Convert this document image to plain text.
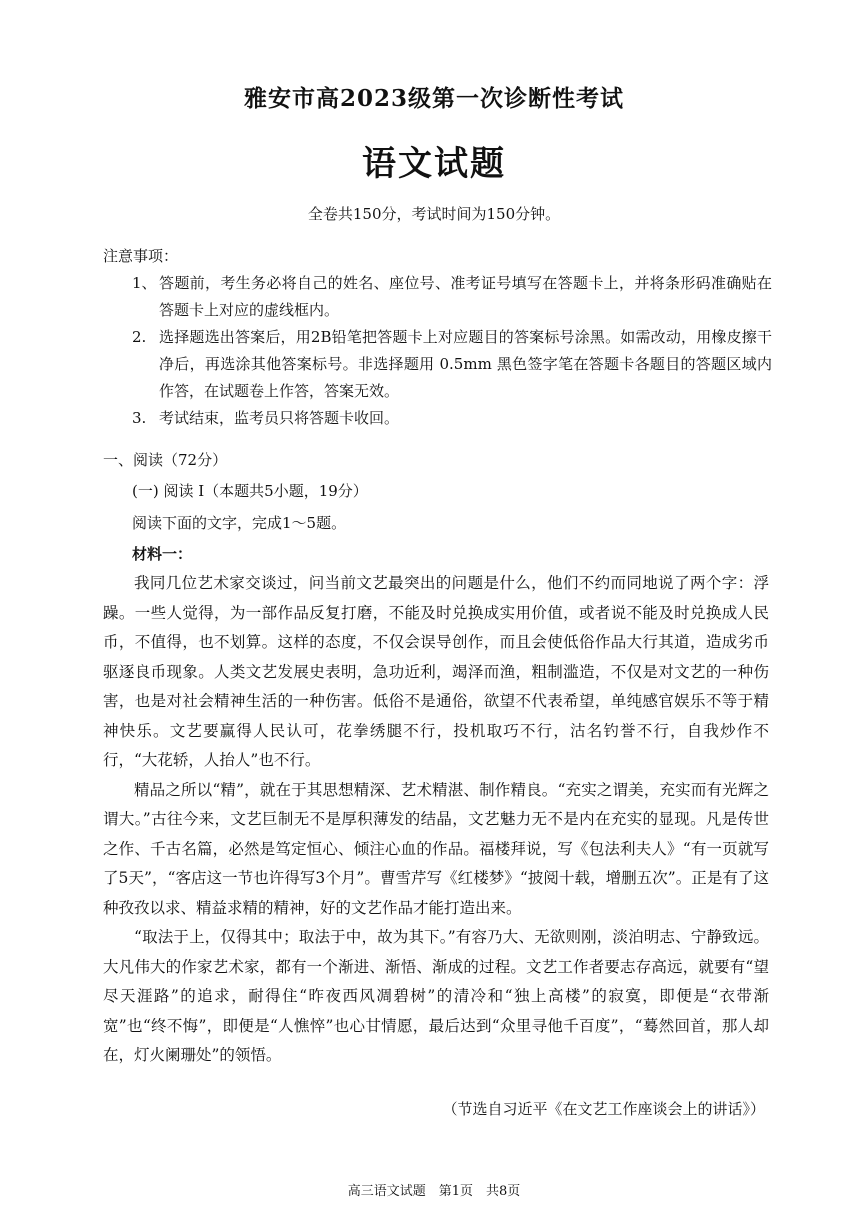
雅安市高2023级第一次诊断性考试
语文试题
全卷共150分，考试时间为150分钟。
注意事项：
1、 答题前，考生务必将自己的姓名、座位号、准考证号填写在答题卡上，并将条形码准确贴在答题卡上对应的虚线框内。
2. 选择题选出答案后，用2B铅笔把答题卡上对应题目的答案标号涂黑。如需改动，用橡皮擦干净后，再选涂其他答案标号。非选择题用 0.5mm 黑色签字笔在答题卡各题目的答题区域内作答，在试题卷上作答，答案无效。
3. 考试结束，监考员只将答题卡收回。
一、阅读（72分）
(一) 阅读 I（本题共5小题，19分）
阅读下面的文字，完成1～5题。
材料一：

我同几位艺术家交谈过，问当前文艺最突出的问题是什么，他们不约而同地说了两个字：浮躁。一些人觉得，为一部作品反复打磨，不能及时兑换成实用价值，或者说不能及时兑换成人民币，不值得，也不划算。这样的态度，不仅会误导创作，而且会使低俗作品大行其道，造成劣币驱逐良币现象。人类文艺发展史表明，急功近利，竭泽而渔，粗制滥造，不仅是对文艺的一种伤害，也是对社会精神生活的一种伤害。低俗不是通俗，欲望不代表希望，单纯感官娱乐不等于精神快乐。文艺要赢得人民认可，花拳绣腿不行，投机取巧不行，沽名钓誉不行，自我炒作不行，“大花轿，人抬人”也不行。

精品之所以“精”，就在于其思想精深、艺术精湛、制作精良。“充实之谓美，充实而有光辉之谓大。”古往今来，文艺巨制无不是厚积薄发的结晶，文艺魅力无不是内在充实的显现。凡是传世之作、千古名篇，必然是笃定恒心、倾注心血的作品。福楼拜说，写《包法利夫人》“有一页就写了5天”，“客店这一节也许得写3个月”。曹雪芹写《红楼梦》“披阅十载，增删五次”。正是有了这种孜孜以求、精益求精的精神，好的文艺作品才能打造出来。

“取法于上，仅得其中；取法于中，故为其下。”有容乃大、无欲则刚，淡泊明志、宁静致远。大凡伟大的作家艺术家，都有一个渐进、渐悟、渐成的过程。文艺工作者要志存高远，就要有“望尽天涯路”的追求，耐得住“昨夜西风凋碧树”的清冷和“独上高楼”的寂寞，即便是“衣带渐宽”也“终不悔”，即便是“人憔悴”也心甘情愿，最后达到“众里寻他千百度”，“蓦然回首，那人却在，灯火阑珊处”的领悟。

（节选自习近平《在文艺工作座谈会上的讲话》）
高三语文试题　第1页　共8页
